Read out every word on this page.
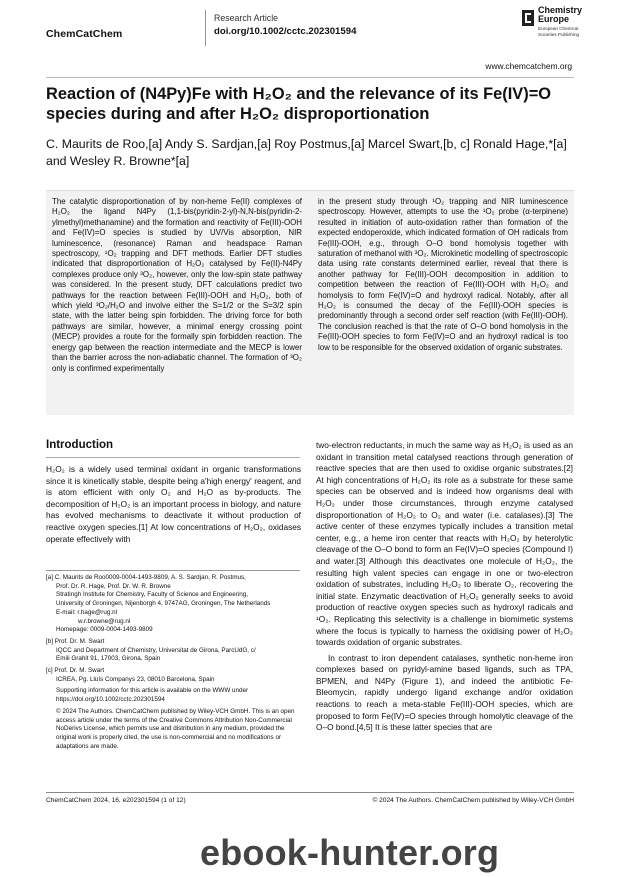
ChemCatChem
Research Article
doi.org/10.1002/cctc.202301594
Chemistry
Europe
European Chemical Societies Publishing
www.chemcatchem.org
Reaction of (N4Py)Fe with H₂O₂ and the relevance of its Fe(IV)=O species during and after H₂O₂ disproportionation
C. Maurits de Roo,[a] Andy S. Sardjan,[a] Roy Postmus,[a] Marcel Swart,[b, c] Ronald Hage,*[a] and Wesley R. Browne*[a]
The catalytic disproportionation of by non-heme Fe(II) complexes of H₂O₂ the ligand N4Py (1,1-bis(pyridin-2-yl)-N,N-bis(pyridin-2-ylmethyl)methanamine) and the formation and reactivity of Fe(III)-OOH and Fe(IV)=O species is studied by UV/Vis absorption, NIR luminescence, (resonance) Raman and headspace Raman spectroscopy, ¹O₂ trapping and DFT methods. Earlier DFT studies indicated that disproportionation of H₂O₂ catalysed by Fe(II)-N4Py complexes produce only ³O₂, however, only the low-spin state pathway was considered. In the present study, DFT calculations predict two pathways for the reaction between Fe(III)-OOH and H₂O₂, both of which yield ³O₂/H₂O and involve either the S=1/2 or the S=3/2 spin state, with the latter being spin forbidden. The driving force for both pathways are similar, however, a minimal energy crossing point (MECP) provides a route for the formally spin forbidden reaction. The energy gap between the reaction intermediate and the MECP is lower than the barrier across the non-adiabatic channel. The formation of ³O₂ only is confirmed experimentally
in the present study through ¹O₂ trapping and NIR luminescence spectroscopy. However, attempts to use the ¹O₂ probe (α-terpinene) resulted in initiation of auto-oxidation rather than formation of the expected endoperoxide, which indicated formation of OH radicals from Fe(III)-OOH, e.g., through O–O bond homolysis together with saturation of methanol with ³O₂. Microkinetic modelling of spectroscopic data using rate constants determined earlier, reveal that there is another pathway for Fe(III)-OOH decomposition in addition to competition between the reaction of Fe(III)-OOH with H₂O₂ and homolysis to form Fe(IV)=O and hydroxyl radical. Notably, after all H₂O₂ is consumed the decay of the Fe(III)-OOH species is predominantly through a second order self reaction (with Fe(III)-OOH). The conclusion reached is that the rate of O–O bond homolysis in the Fe(III)-OOH species to form Fe(IV)=O and an hydroxyl radical is too low to be responsible for the observed oxidation of organic substrates.
Introduction
H₂O₂ is a widely used terminal oxidant in organic transformations since it is kinetically stable, despite being a'high energy' reagent, and is atom efficient with only O₂ and H₂O as by-products. The decomposition of H₂O₂ is an important process in biology, and nature has evolved mechanisms to deactivate it without production of reactive oxygen species.[1] At low concentrations of H₂O₂, oxidases operate effectively with
[a] C. Maurits de Roo0009-0004-1493-9809, A. S. Sardjan, R. Postmus,
Prof. Dr. R. Hage, Prof. Dr. W. R. Browne
Stratingh Institute for Chemistry, Faculty of Science and Engineering,
University of Groningen, Nijenborgh 4, 9747AG, Groningen, The Netherlands
E-mail: r.hage@rug.nl
w.r.browne@rug.nl
Homepage: 0009-0004-1493-9809
[b] Prof. Dr. M. Swart
IQCC and Department of Chemistry, Universitat de Girona, ParcUdG, c/
Emili Grahit 91, 17003, Girona, Spain
[c] Prof. Dr. M. Swart
ICREA, Pg. Lluís Companys 23, 08010 Barcelona, Spain
Supporting information for this article is available on the WWW under https://doi.org/10.1002/cctc.202301594
© 2024 The Authors. ChemCatChem published by Wiley-VCH GmbH. This is an open access article under the terms of the Creative Commons Attribution Non-Commercial NoDerivs License, which permits use and distribution in any medium, provided the original work is properly cited, the use is non-commercial and no modifications or adaptations are made.

two-electron reductants, in much the same way as H₂O₂ is used as an oxidant in transition metal catalysed reactions through generation of reactive species that are then used to oxidise organic substrates.[2] At high concentrations of H₂O₂ its role as a substrate for these same species can be observed and is indeed how organisms deal with H₂O₂ under those circumstances, through enzyme catalysed disproportionation of H₂O₂ to O₂ and water (i.e. catalases).[3] The active center of these enzymes typically includes a transition metal center, e.g., a heme iron center that reacts with H₂O₂ by heterolytic cleavage of the O–O bond to form an Fe(IV)=O species (Compound I) and water.[3] Although this deactivates one molecule of H₂O₂, the resulting high valent species can engage in one or two-electron oxidation of substrates, including H₂O₂ to liberate O₂, recovering the initial state. Enzymatic deactivation of H₂O₂ generally seeks to avoid production of reactive oxygen species such as hydroxyl radicals and ¹O₂. Replicating this selectivity is a challenge in biomimetic systems where the focus is typically to harness the oxidising power of H₂O₂ towards oxidation of organic substrates.

In contrast to iron dependent catalases, synthetic non-heme iron complexes based on pyridyl-amine based ligands, such as TPA, BPMEN, and N4Py (Figure 1), and indeed the antibiotic Fe-Bleomycin, rapidly undergo ligand exchange and/or oxidation reactions to reach a meta-stable Fe(III)-OOH species, which are proposed to form Fe(IV)=O species through homolytic cleavage of the O–O bond.[4,5] It is these latter species that are

ChemCatChem 2024, 16, e202301594 (1 of 12)	© 2024 The Authors. ChemCatChem published by Wiley-VCH GmbH
ebook-hunter.org
